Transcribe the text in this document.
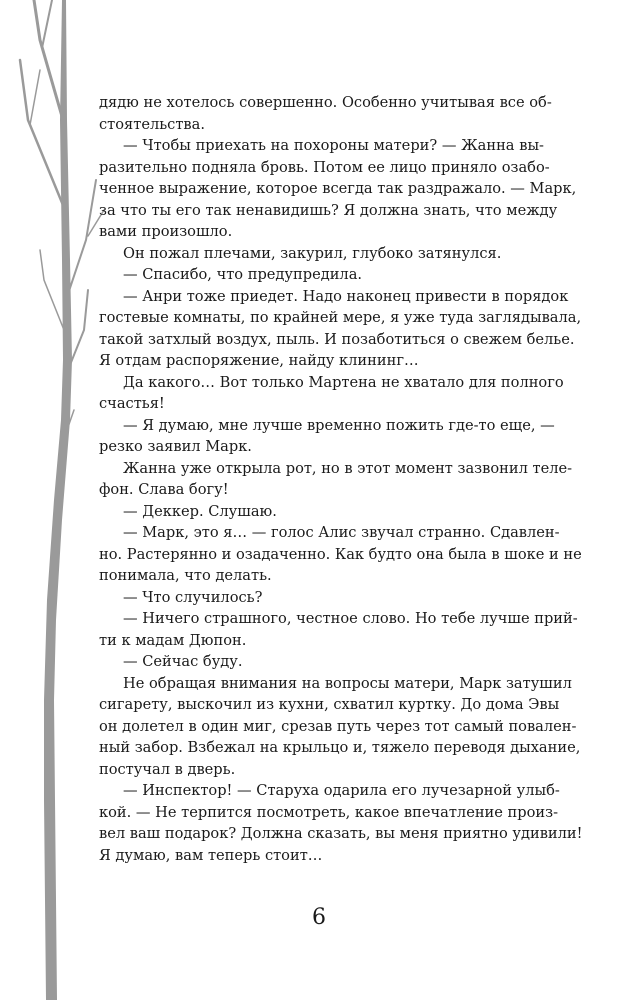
дядю не хотелось совершенно. Особенно учитывая все об-
стоятельства.
— Чтобы приехать на похороны матери? — Жанна вы-
разительно подняла бровь. Потом ее лицо приняло озабо-
ченное выражение, которое всегда так раздражало. — Марк,
за что ты его так ненавидишь? Я должна знать, что между
вами произошло.
Он пожал плечами, закурил, глубоко затянулся.
— Спасибо, что предупредила.
— Анри тоже приедет. Надо наконец привести в порядок
гостевые комнаты, по крайней мере, я уже туда заглядывала,
такой затхлый воздух, пыль. И позаботиться о свежем белье.
Я отдам распоряжение, найду клининг…
Да какого… Вот только Мартена не хватало для полного
счастья!
— Я думаю, мне лучше временно пожить где-то еще, —
резко заявил Марк.
Жанна уже открыла рот, но в этот момент зазвонил теле-
фон. Слава богу!
— Деккер. Слушаю.
— Марк, это я… — голос Алис звучал странно. Сдавлен-
но. Растерянно и озадаченно. Как будто она была в шоке и не
понимала, что делать.
— Что случилось?
— Ничего страшного, честное слово. Но тебе лучше прий-
ти к мадам Дюпон.
— Сейчас буду.
Не обращая внимания на вопросы матери, Марк затушил
сигарету, выскочил из кухни, схватил куртку. До дома Эвы
он долетел в один миг, срезав путь через тот самый повален-
ный забор. Взбежал на крыльцо и, тяжело переводя дыхание,
постучал в дверь.
— Инспектор! — Старуха одарила его лучезарной улыб-
кой. — Не терпится посмотреть, какое впечатление произ-
вел ваш подарок? Должна сказать, вы меня приятно удивили!
Я думаю, вам теперь стоит…
6
